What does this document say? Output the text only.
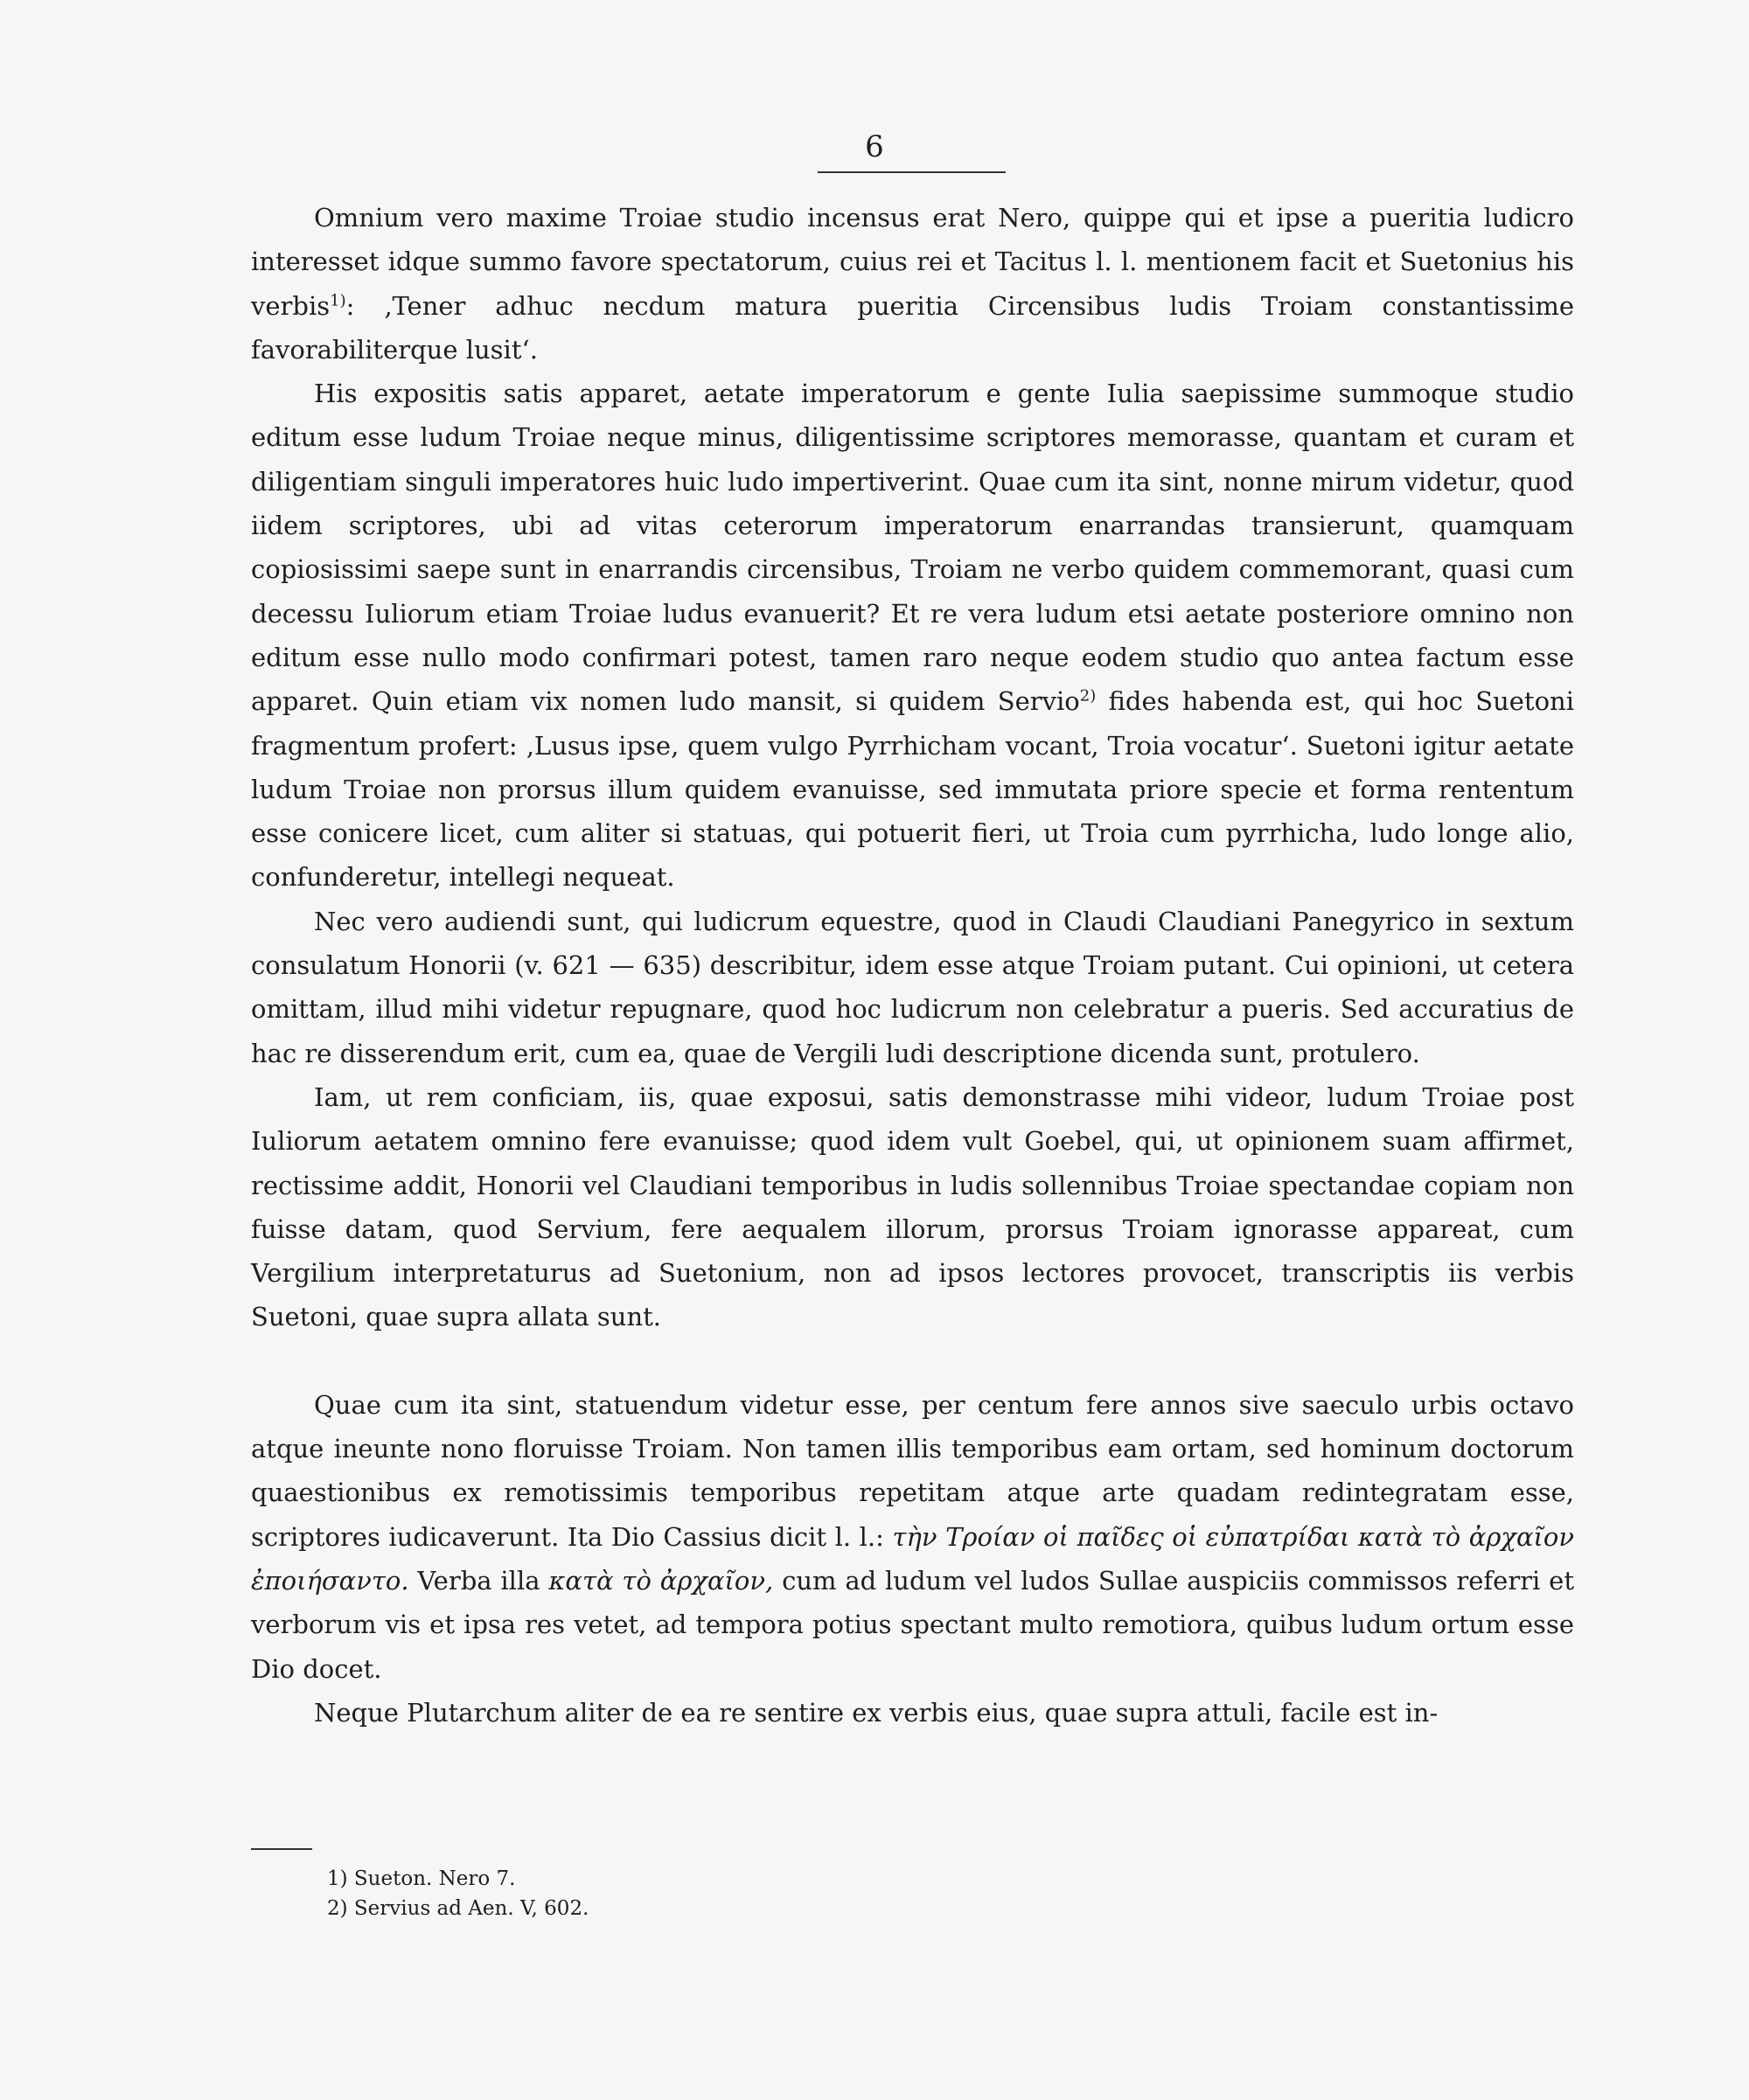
6

Omnium vero maxime Troiae studio incensus erat Nero, quippe qui et ipse a pueritia ludicro interesset idque summo favore spectatorum, cuius rei et Tacitus l. l. mentionem facit et Suetonius his verbis$^{1)}$: ‚Tener adhuc necdum matura pueritia Circensibus ludis Troiam constantissime favorabiliterque lusit‘.

His expositis satis apparet, aetate imperatorum e gente Iulia saepissime summoque studio editum esse ludum Troiae neque minus, diligentissime scriptores memorasse, quantam et curam et diligentiam singuli imperatores huic ludo impertiverint. Quae cum ita sint, nonne mirum videtur, quod iidem scriptores, ubi ad vitas ceterorum imperatorum enarrandas transierunt, quamquam copiosissimi saepe sunt in enarrandis circensibus, Troiam ne verbo quidem commemorant, quasi cum decessu Iuliorum etiam Troiae ludus evanuerit? Et re vera ludum etsi aetate posteriore omnino non editum esse nullo modo confirmari potest, tamen raro neque eodem studio quo antea factum esse apparet. Quin etiam vix nomen ludo mansit, si quidem Servio$^{2)}$ fides habenda est, qui hoc Suetoni fragmentum profert: ‚Lusus ipse, quem vulgo Pyrrhicham vocant, Troia vocatur‘. Suetoni igitur aetate ludum Troiae non prorsus illum quidem evanuisse, sed immutata priore specie et forma rententum esse conicere licet, cum aliter si statuas, qui potuerit fieri, ut Troia cum pyrrhicha, ludo longe alio, confunderetur, intellegi nequeat.

Nec vero audiendi sunt, qui ludicrum equestre, quod in Claudi Claudiani Panegyrico in sextum consulatum Honorii (v. 621 — 635) describitur, idem esse atque Troiam putant. Cui opinioni, ut cetera omittam, illud mihi videtur repugnare, quod hoc ludicrum non celebratur a pueris. Sed accuratius de hac re disserendum erit, cum ea, quae de Vergili ludi descriptione dicenda sunt, protulero.

Iam, ut rem conficiam, iis, quae exposui, satis demonstrasse mihi videor, ludum Troiae post Iuliorum aetatem omnino fere evanuisse; quod idem vult Goebel, qui, ut opinionem suam affirmet, rectissime addit, Honorii vel Claudiani temporibus in ludis sollennibus Troiae spectandae copiam non fuisse datam, quod Servium, fere aequalem illorum, prorsus Troiam ignorasse appareat, cum Vergilium interpretaturus ad Suetonium, non ad ipsos lectores provocet, transcriptis iis verbis Suetoni, quae supra allata sunt.

Quae cum ita sint, statuendum videtur esse, per centum fere annos sive saeculo urbis octavo atque ineunte nono floruisse Troiam. Non tamen illis temporibus eam ortam, sed hominum doctorum quaestionibus ex remotissimis temporibus repetitam atque arte quadam redintegratam esse, scriptores iudicaverunt. Ita Dio Cassius dicit l. l.: τὴν Τροίαν οἱ παῖδες οἱ εὐπατρίδαι κατὰ τὸ ἀρχαῖον ἐποιήσαντο. Verba illa κατὰ τὸ ἀρχαῖον, cum ad ludum vel ludos Sullae auspiciis commissos referri et verborum vis et ipsa res vetet, ad tempora potius spectant multo remotiora, quibus ludum ortum esse Dio docet.

Neque Plutarchum aliter de ea re sentire ex verbis eius, quae supra attuli, facile est in-

1) Sueton. Nero 7.
2) Servius ad Aen. V, 602.
